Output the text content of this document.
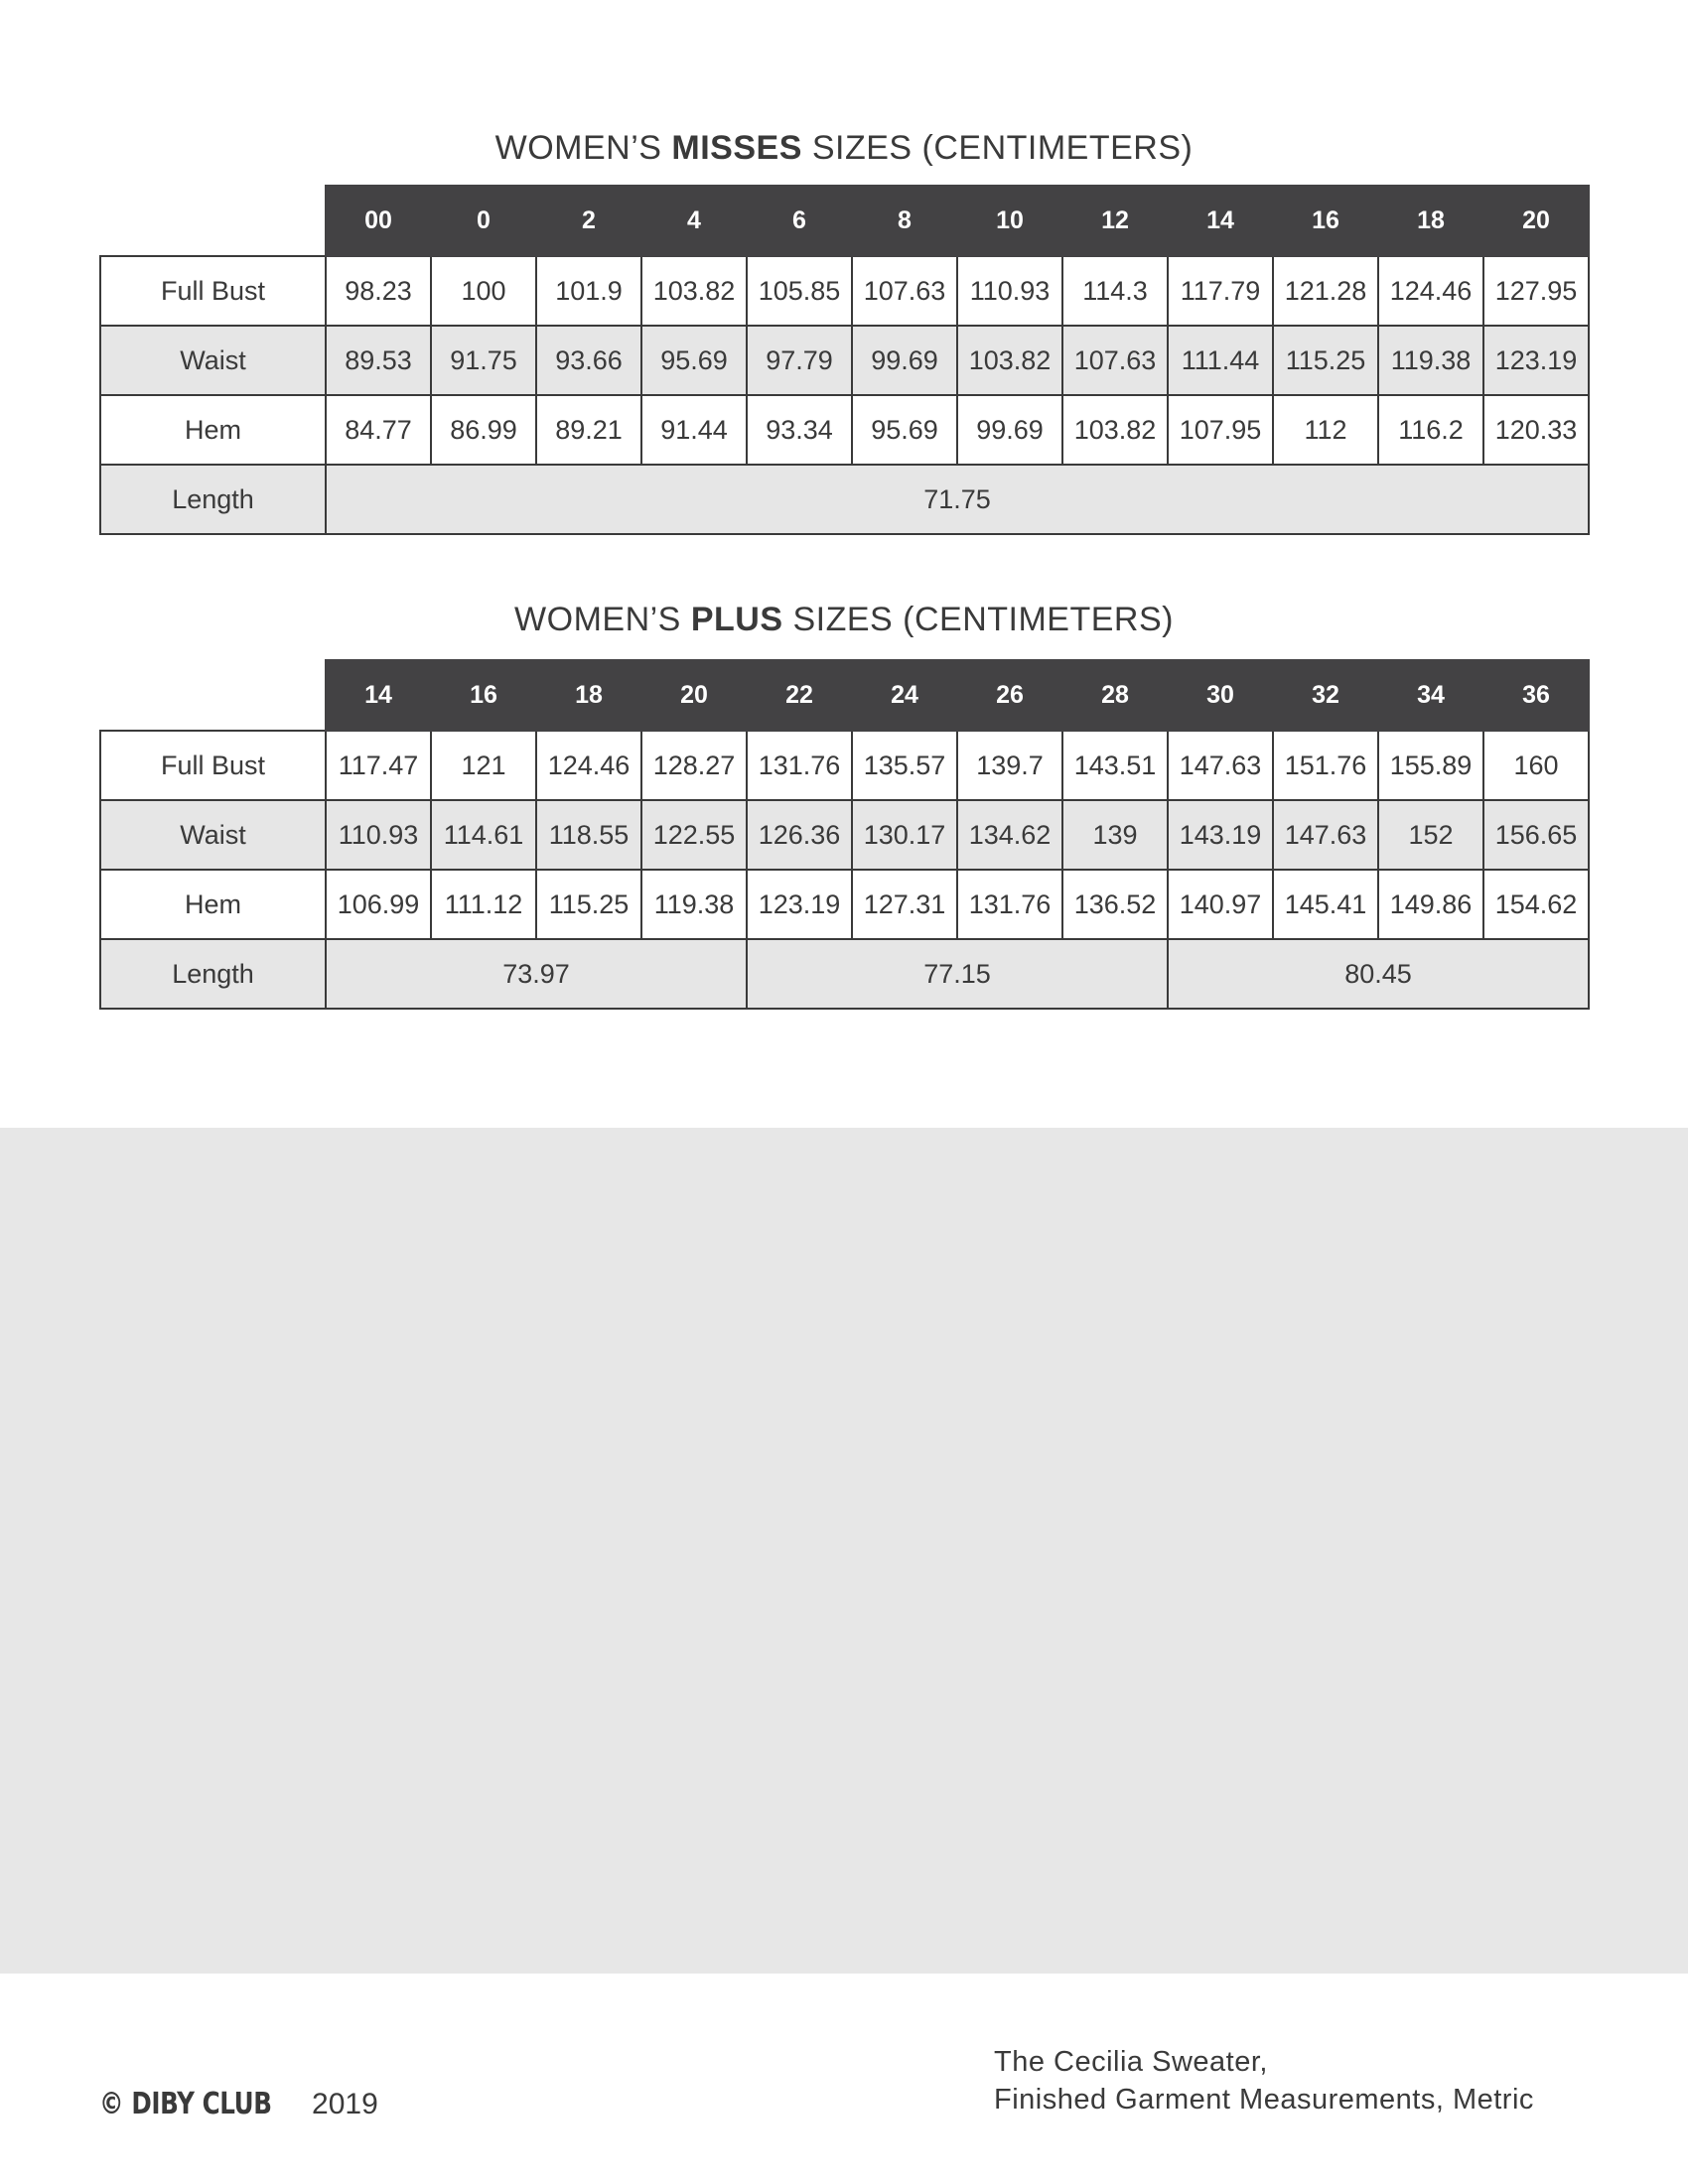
WOMEN’S MISSES SIZES (CENTIMETERS)
	00	0	2	4	6	8	10	12	14	16	18	20
Full Bust	98.23	100	101.9	103.82	105.85	107.63	110.93	114.3	117.79	121.28	124.46	127.95
Waist	89.53	91.75	93.66	95.69	97.79	99.69	103.82	107.63	111.44	115.25	119.38	123.19
Hem	84.77	86.99	89.21	91.44	93.34	95.69	99.69	103.82	107.95	112	116.2	120.33
Length	71.75											
WOMEN’S PLUS SIZES (CENTIMETERS)
	14	16	18	20	22	24	26	28	30	32	34	36
Full Bust	117.47	121	124.46	128.27	131.76	135.57	139.7	143.51	147.63	151.76	155.89	160
Waist	110.93	114.61	118.55	122.55	126.36	130.17	134.62	139	143.19	147.63	152	156.65
Hem	106.99	111.12	115.25	119.38	123.19	127.31	131.76	136.52	140.97	145.41	149.86	154.62
Length	73.97				77.15				80.45			
© DIBY CLUB 2019
The Cecilia Sweater,
Finished Garment Measurements, Metric
